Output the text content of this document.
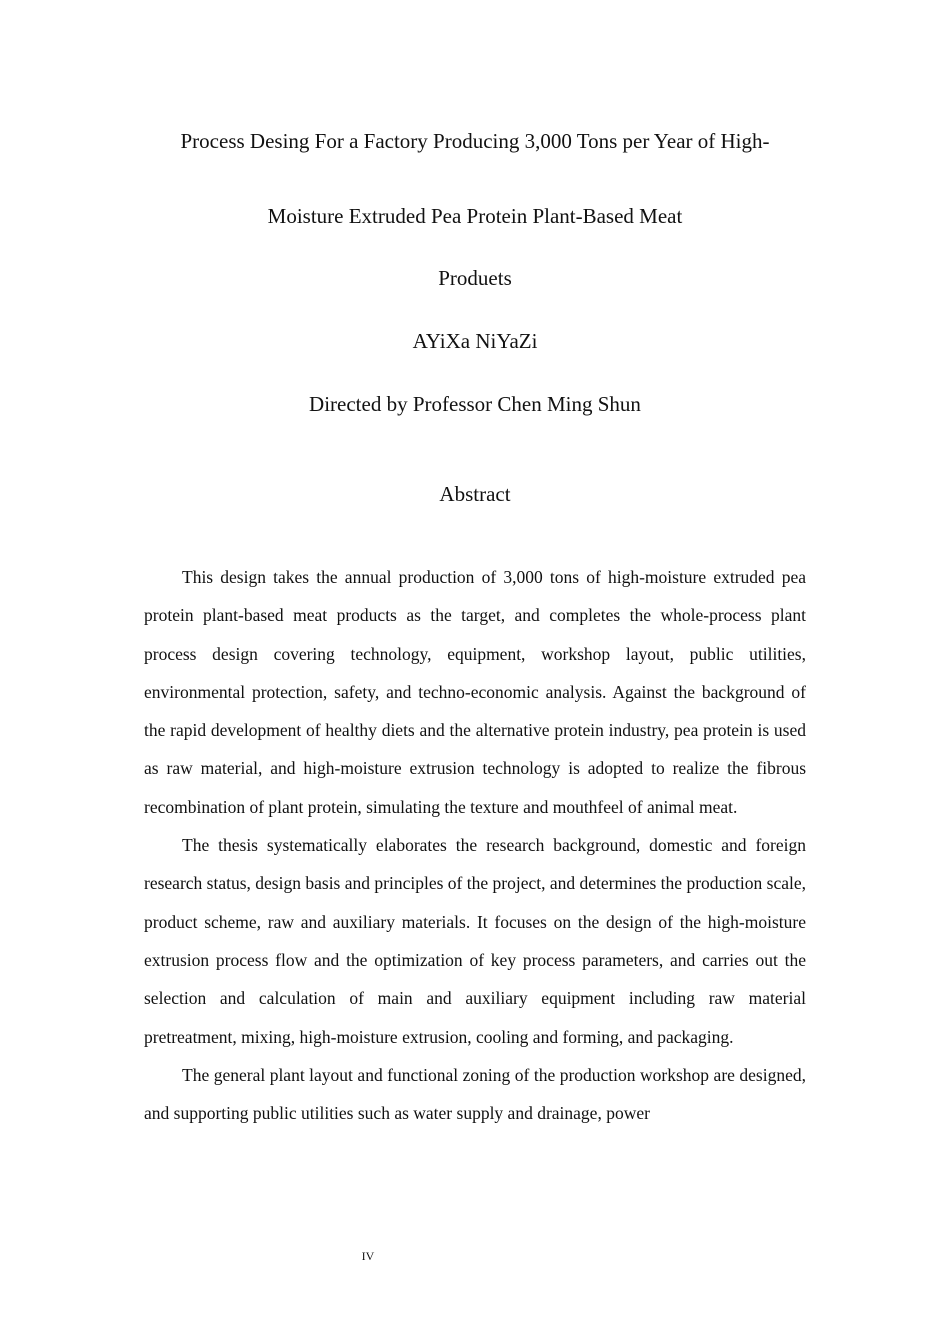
Process Desing For a Factory Producing 3,000 Tons per Year of High-
Moisture Extruded Pea Protein Plant-Based Meat
Produets
AYiXa NiYaZi
Directed by Professor Chen Ming Shun
Abstract

This design takes the annual production of 3,000 tons of high-moisture extruded pea protein plant-based meat products as the target, and completes the whole-process plant process design covering technology, equipment, workshop layout, public utilities, environmental protection, safety, and techno-economic analysis. Against the background of the rapid development of healthy diets and the alternative protein industry, pea protein is used as raw material, and high-moisture extrusion technology is adopted to realize the fibrous recombination of plant protein, simulating the texture and mouthfeel of animal meat.

The thesis systematically elaborates the research background, domestic and foreign research status, design basis and principles of the project, and determines the production scale, product scheme, raw and auxiliary materials. It focuses on the design of the high-moisture extrusion process flow and the optimization of key process parameters, and carries out the selection and calculation of main and auxiliary equipment including raw material pretreatment, mixing, high-moisture extrusion, cooling and forming, and packaging.

The general plant layout and functional zoning of the production workshop are designed, and supporting public utilities such as water supply and drainage, power

IV
